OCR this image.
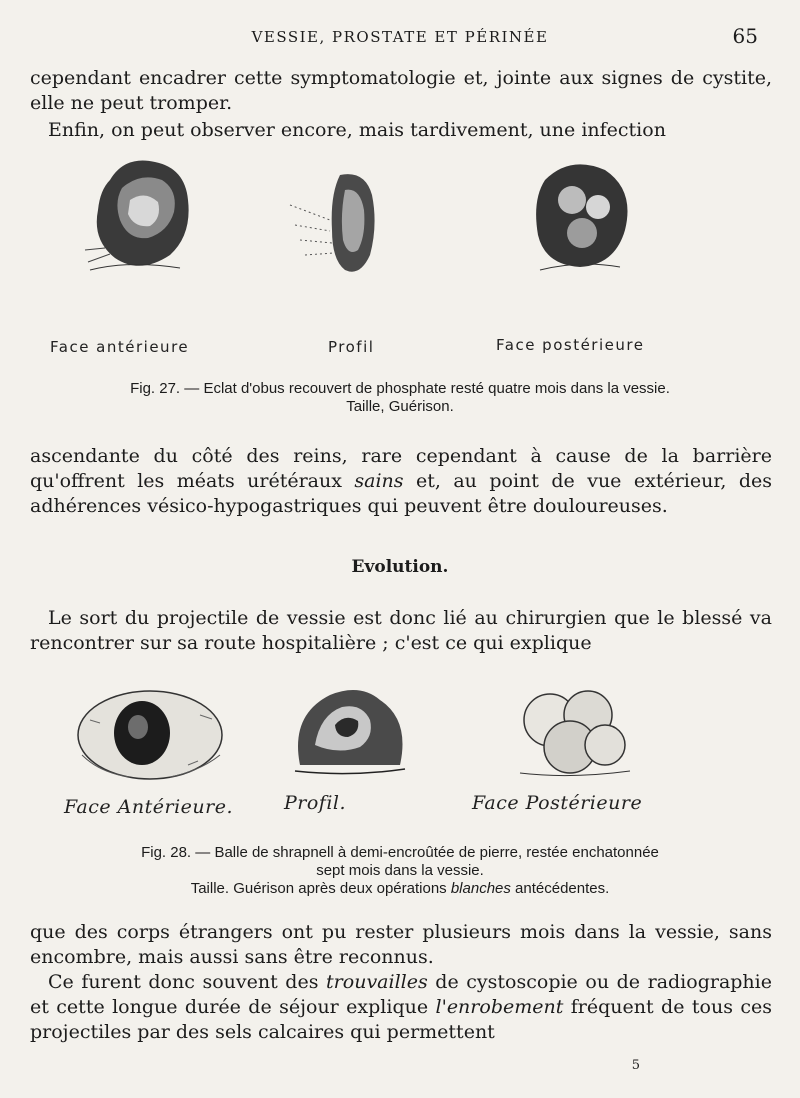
VESSIE, PROSTATE ET PÉRINÉE	65
cependant encadrer cette symptomatologie et, jointe aux signes de cystite, elle ne peut tromper.
Enfin, on peut observer encore, mais tardivement, une infection
Face antérieure	Profil	Face postérieure
Fig. 27. — Eclat d'obus recouvert de phosphate resté quatre mois dans la vessie.
Taille, Guérison.
ascendante du côté des reins, rare cependant à cause de la barrière qu'offrent les méats urétéraux sains et, au point de vue extérieur, des adhérences vésico-hypogastriques qui peuvent être douloureuses.
Evolution.
Le sort du projectile de vessie est donc lié au chirurgien que le blessé va rencontrer sur sa route hospitalière ; c'est ce qui explique
Face Antérieure.	Profil.	Face Postérieure
Fig. 28. — Balle de shrapnell à demi-encroûtée de pierre, restée enchatonnée
sept mois dans la vessie.
Taille. Guérison après deux opérations blanches antécédentes.
que des corps étrangers ont pu rester plusieurs mois dans la vessie, sans encombre, mais aussi sans être reconnus.
Ce furent donc souvent des trouvailles de cystoscopie ou de radiographie et cette longue durée de séjour explique l'enrobement fréquent de tous ces projectiles par des sels calcaires qui permettent
5
